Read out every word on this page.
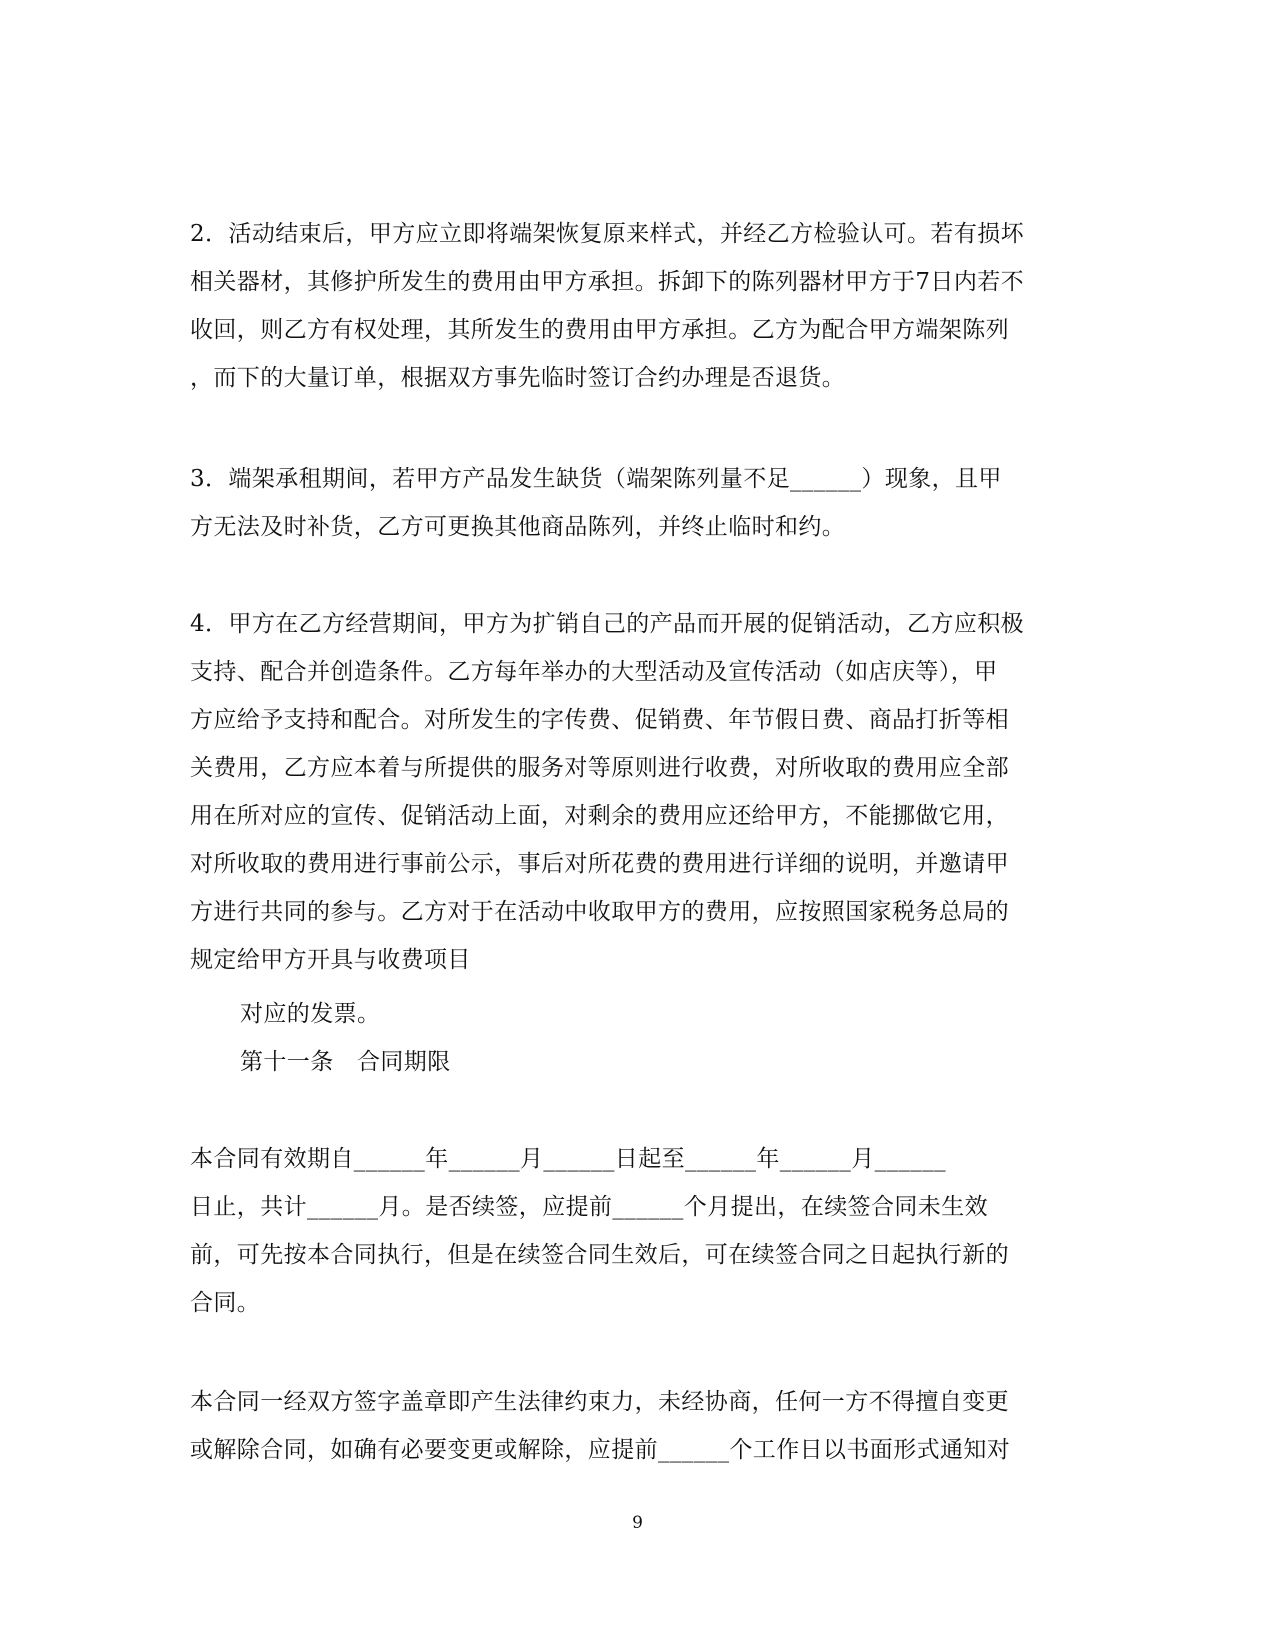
2．活动结束后，甲方应立即将端架恢复原来样式，并经乙方检验认可。若有损坏
相关器材，其修护所发生的费用由甲方承担。拆卸下的陈列器材甲方于7日内若不
收回，则乙方有权处理，其所发生的费用由甲方承担。乙方为配合甲方端架陈列
，而下的大量订单，根据双方事先临时签订合约办理是否退货。
3．端架承租期间，若甲方产品发生缺货（端架陈列量不足______）现象，且甲
方无法及时补货，乙方可更换其他商品陈列，并终止临时和约。
4．甲方在乙方经营期间，甲方为扩销自己的产品而开展的促销活动，乙方应积极
支持、配合并创造条件。乙方每年举办的大型活动及宣传活动（如店庆等），甲
方应给予支持和配合。对所发生的字传费、促销费、年节假日费、商品打折等相
关费用，乙方应本着与所提供的服务对等原则进行收费，对所收取的费用应全部
用在所对应的宣传、促销活动上面，对剩余的费用应还给甲方，不能挪做它用，
对所收取的费用进行事前公示，事后对所花费的费用进行详细的说明，并邀请甲
方进行共同的参与。乙方对于在活动中收取甲方的费用，应按照国家税务总局的
规定给甲方开具与收费项目
对应的发票。
第十一条　合同期限
本合同有效期自______年______月______日起至______年______月______
日止，共计______月。是否续签，应提前______个月提出，在续签合同未生效
前，可先按本合同执行，但是在续签合同生效后，可在续签合同之日起执行新的
合同。
本合同一经双方签字盖章即产生法律约束力，未经协商，任何一方不得擅自变更
或解除合同，如确有必要变更或解除，应提前______个工作日以书面形式通知对
9
